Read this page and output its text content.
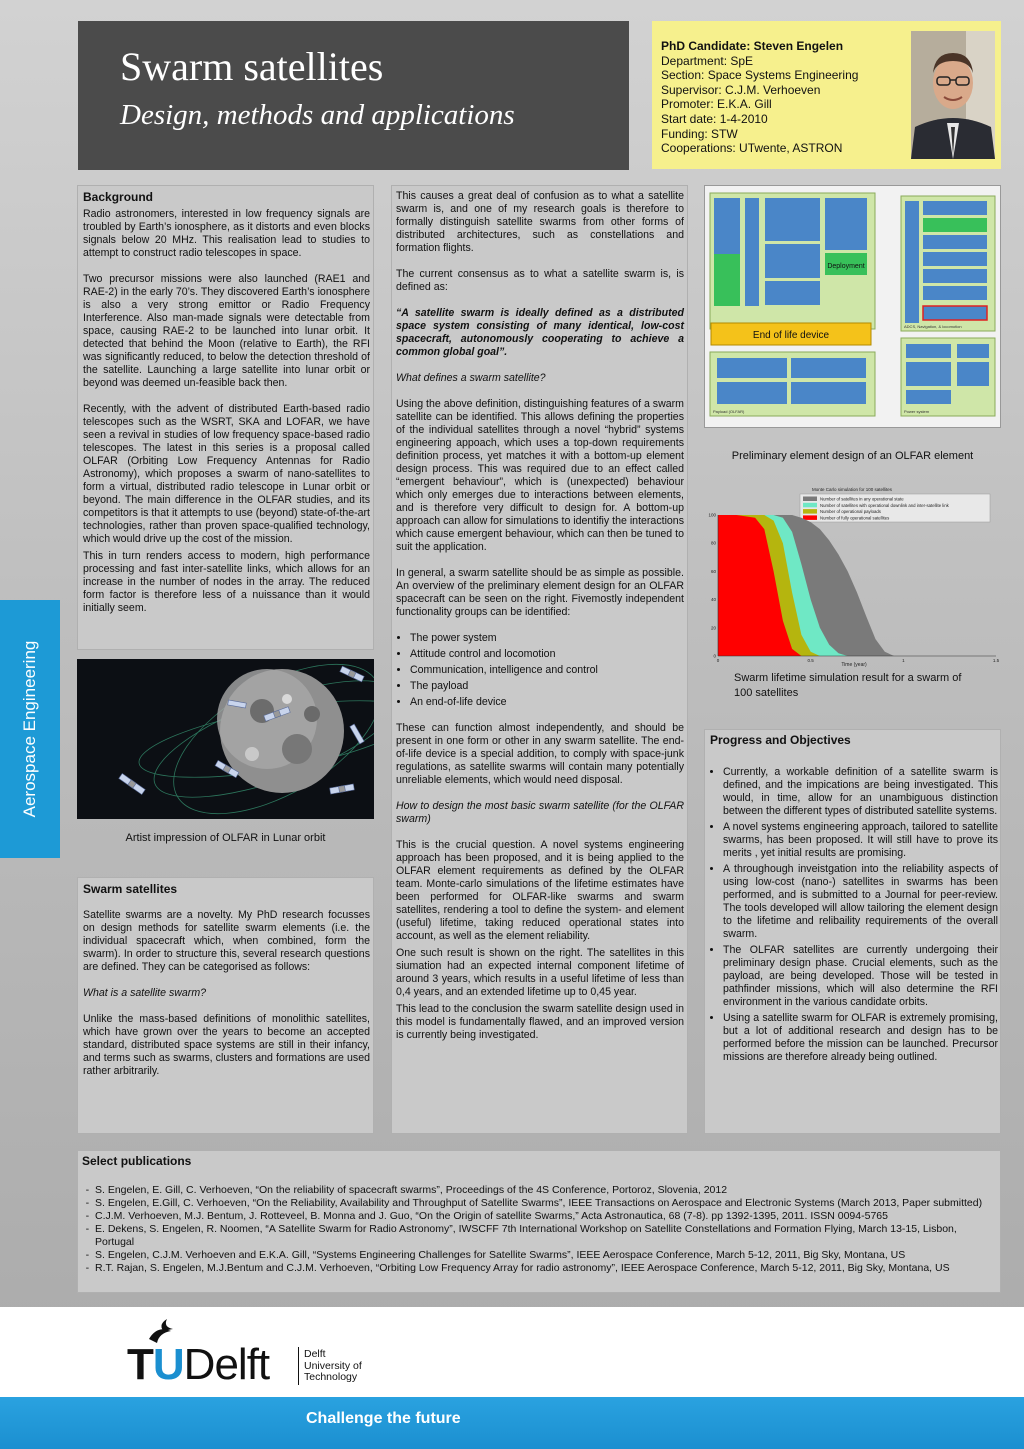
Swarm satellites
Design, methods and applications
PhD Candidate: Steven Engelen
Department: SpE
Section: Space Systems Engineering
Supervisor: C.J.M. Verhoeven
Promoter: E.K.A. Gill
Start date: 1-4-2010
Funding: STW
Cooperations: UTwente, ASTRON
Aerospace Engineering
Background

Radio astronomers, interested in low frequency signals are troubled by Earth’s ionosphere, as it distorts and even blocks signals below 20 MHz. This realisation lead to studies to attempt to construct radio telescopes in space.

Two precursor missions were also launched (RAE1 and RAE-2) in the early 70’s. They discovered Earth’s ionosphere is also a very strong emittor or Radio Frequency Interference. Also man-made signals were detectable from space, causing RAE-2 to be launched into lunar orbit. It detected that behind the Moon (relative to Earth), the RFI was significantly reduced, to below the detection threshold of the satellite. Launching a large satellite into lunar orbit or beyond was deemed un-feasible back then.

Recently, with the advent of distributed Earth-based radio telescopes such as the WSRT, SKA and LOFAR, we have seen a revival in studies of low frequency space-based radio telescopes. The latest in this series is a proposal called OLFAR (Orbiting Low Frequency Antennas for Radio Astronomy), which proposes a swarm of nano-satellites to form a virtual, distributed radio telescope in Lunar orbit or beyond. The main difference in the OLFAR studies, and its competitors is that it attempts to use (beyond) state-of-the-art technologies, rather than proven space-qualified technology, which would drive up the cost of the mission.

This in turn renders access to modern, high performance processing and fast inter-satellite links, which allows for an increase in the number of nodes in the array. The reduced form factor is therefore less of a nuissance than it would initially seem.

Artist impression of OLFAR in Lunar orbit
Swarm satellites

Satellite swarms are a novelty. My PhD research focusses on design methods for satellite swarm elements (i.e. the individual spacecraft which, when combined, form the swarm). In order to structure this, several research questions are defined. They can be categorised as follows:

What is a satellite swarm?

Unlike the mass-based definitions of monolithic satellites, which have grown over the years to become an accepted standard, distributed space systems are still in their infancy, and terms such as swarms, clusters and formations are used rather arbitrarily.

This causes a great deal of confusion as to what a satellite swarm is, and one of my research goals is therefore to formally distinguish satellite swarms from other forms of distributed architectures, such as constellations and formation flights.

The current consensus as to what a satellite swarm is, is defined as:

“A satellite swarm is ideally defined as a distributed space system consisting of many identical, low-cost spacecraft, autonomously cooperating to achieve a common global goal”.

What defines a swarm satellite?

Using the above definition, distinguishing features of a swarm satellite can be identified. This allows defining the properties of the individual satellites through a novel “hybrid” systems engineering appoach, which uses a top-down requirements definition process, yet matches it with a bottom-up element design process. This was required due to an effect called “emergent behaviour”, which is (unexpected) behaviour which only emerges due to interactions between elements, and is therefore very difficult to design for. A bottom-up approach can allow for simulations to identifiy the interactions which cause emergent behaviour, which can then be tuned to suit the application.

In general, a swarm satellite should be as simple as possible. An overview of the preliminary element design for an OLFAR spacecraft can be seen on the right. Fivemostly independent functionality groups can be identified:

• The power system
• Attitude control and locomotion
• Communication, intelligence and control
• The payload
• An end-of-life device

These can function almost independently, and should be present in one form or other in any swarm satellite. The end-of-life device is a special addition, to comply with space-junk regulations, as satellite swarms will contain many potentially unreliable elements, which would need disposal.

How to design the most basic swarm satellite (for the OLFAR swarm)

This is the crucial question. A novel systems engineering approach has been proposed, and it is being applied to the OLFAR element requirements as defined by the OLFAR team. Monte-carlo simulations of the lifetime estimates have been performed for OLFAR-like swarms and swarm satellites, rendering a tool to define the system- and element (useful) lifetime, taking reduced operational states into account, as well as the element reliability.

One such result is shown on the right. The satellites in this siumation had an expected internal component lifetime of around 3 years, which results in a useful lifetime of less than 0,4 years, and an extended lifetime up to 0,45 year.

This lead to the conclusion the swarm satellite design used in this model is fundamentally flawed, and an improved version is currently being investigated.

Deployment
End of life device
Payload (OLFAR)
ADCS, Navigation, & locomotion
Power system
Preliminary element design of an OLFAR element
Monte Carlo simulation for 100 satellites
Number of satellites in any operational state
Number of satellites with operational downlink and inter-satellite link
Number of operational payloads
Number of fully operational satellites
0	0.5	1	1.5
0
20
40
60
80
100
Time (year)
Swarm lifetime simulation result for a swarm of 100 satellites
Progress and Objectives
• Currently, a workable definition of a satellite swarm is defined, and the impications are being investigated. This would, in time, allow for an unambiguous distinction between the different types of distributed satellite systems.
• A novel systems engineering approach, tailored to satellite swarms, has been proposed. It will still have to prove its merits , yet initial results are promising.
• A throughough inveistgation into the reliability aspects of using low-cost (nano-) satellites in swarms has been performed, and is submitted to a Journal for peer-review. The tools developed will allow tailoring the element design to the lifetime and relibaility requirements of the overall swarm.
• The OLFAR satellites are currently undergoing their preliminary design phase. Crucial elements, such as the payload, are being developed. Those will be tested in pathfinder missions, which will also determine the RFI environment in the various candidate orbits.
• Using a satellite swarm for OLFAR is extremely promising, but a lot of additional research and design has to be performed before the mission can be launched. Precursor missions are therefore already being outlined.
Select publications
- S. Engelen, E. Gill, C. Verhoeven, “On the reliability of spacecraft swarms”, Proceedings of the 4S Conference, Portoroz, Slovenia, 2012
- S. Engelen, E.Gill, C. Verhoeven, “On the Reliability, Availability and Throughput of Satellite Swarms”, IEEE Transactions on Aerospace and Electronic Systems (March 2013, Paper submitted)
- C.J.M. Verhoeven, M.J. Bentum, J. Rotteveel, B. Monna and J. Guo, “On the Origin of satellite Swarms,” Acta Astronautica, 68 (7-8). pp 1392-1395, 2011. ISSN 0094-5765
- E. Dekens, S. Engelen, R. Noomen, “A Satellite Swarm for Radio Astronomy”, IWSCFF 7th International Workshop on Satellite Constellations and Formation Flying, March 13-15, Lisbon, Portugal
- S. Engelen, C.J.M. Verhoeven and E.K.A. Gill, “Systems Engineering Challenges for Satellite Swarms”, IEEE Aerospace Conference, March 5-12, 2011, Big Sky, Montana, US
- R.T. Rajan, S. Engelen, M.J.Bentum and C.J.M. Verhoeven, “Orbiting Low Frequency Array for radio astronomy”, IEEE Aerospace Conference, March 5-12, 2011, Big Sky, Montana, US
TUDelft	Delft
University of
Technology
Challenge the future
